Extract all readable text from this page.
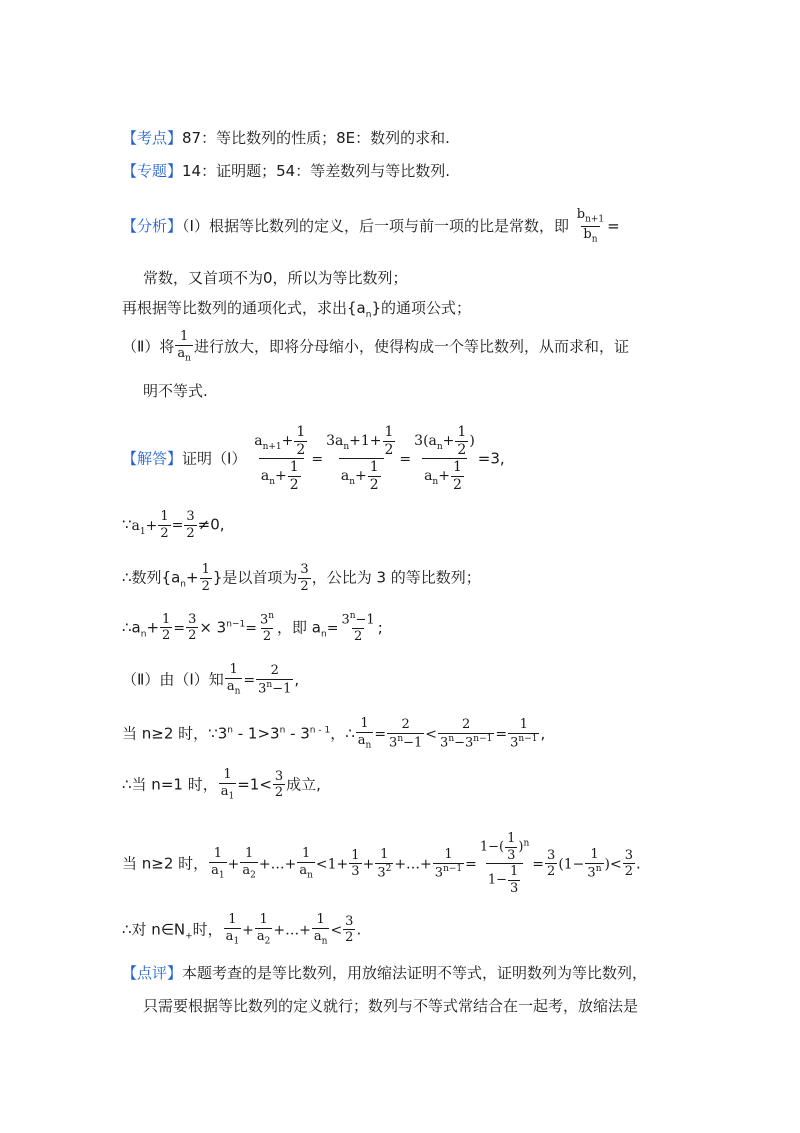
【考点】87：等比数列的性质；8E：数列的求和.
【专题】14：证明题；54：等差数列与等比数列.
【分析】（Ⅰ）根据等比数列的定义，后一项与前一项的比是常数，即 $\frac{b_{n+1}}{b_n}$ =
常数，又首项不为0，所以为等比数列；
再根据等比数列的通项化式，求出$\{a_n\}$的通项公式；
（Ⅱ）将 $\frac{1}{a_n}$ 进行放大，即将分母缩小，使得构成一个等比数列，从而求和，证
明不等式.
【解答】证明（Ⅰ） $\frac{a_{n+1}+ \frac{1}{2}}{a_n+ \frac{1}{2}} = \frac{3a_n+1+ \frac{1}{2}}{a_n+ \frac{1}{2}} = \frac{3(a_n+ \frac{1}{2} )}{a_n+ \frac{1}{2}} =3$,
$\because a_1+ \frac{1}{2} = \frac{3}{2} \ne 0$,
∴数列{$a_n+ \frac{1}{2}$ }是以首项为 $\frac{3}{2}$ ，公比为 3 的等比数列；
$\therefore a_n+ \frac{1}{2} = \frac{3}{2} \times 3^{n-1}= \frac{3^n}{2}$ ，即 $a_n= \frac{3^n-1}{2}$ ;
（Ⅱ）由（Ⅰ）知 $\frac{1}{a_n} = \frac{2}{3^n-1}$ ,
当 n≥2 时，∵3$^n$ - $1>3^n - 3^{n - 1}$，∴ $\frac{1}{a_n} = \frac{2}{3^n-1} < \frac{2}{3^n-3^{n-1}} = \frac{1}{3^{n-1}}$ ,
∴当 n=1 时， $\frac{1}{a_1} =1< \frac{3}{2}$ 成立,
当 n≥2 时， $\frac{1}{a_1} + \frac{1}{a_2}$ +…+ $\frac{1}{a_n} <1+ \frac{1}{3} + \frac{1}{3^2}$ +…+ $\frac{1}{3^{n-1}} = \frac{1-( \frac{1}{3} )^n}{1- \frac{1}{3}} = \frac{3}{2} (1- \frac{1}{3^n}$ )< $\frac{3}{2}$ .
∴对 $n\in N_+$时， $\frac{1}{a_1} + \frac{1}{a_2}$ +…+ $\frac{1}{a_n} < \frac{3}{2}$ .
【点评】本题考查的是等比数列，用放缩法证明不等式，证明数列为等比数列，
只需要根据等比数列的定义就行；数列与不等式常结合在一起考，放缩法是
